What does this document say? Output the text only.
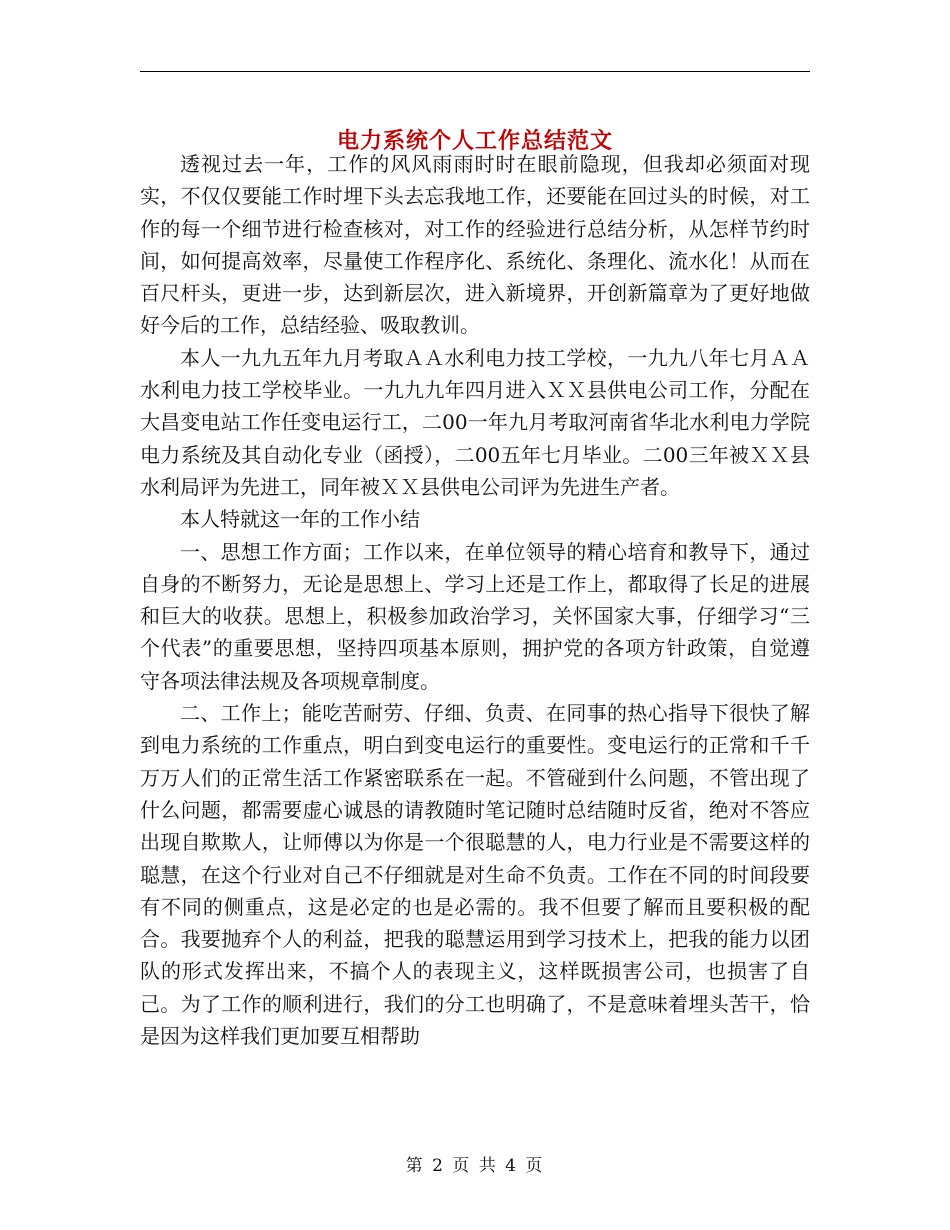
电力系统个人工作总结范文

透视过去一年，工作的风风雨雨时时在眼前隐现，但我却必须面对现实，不仅仅要能工作时埋下头去忘我地工作，还要能在回过头的时候，对工作的每一个细节进行检查核对，对工作的经验进行总结分析，从怎样节约时间，如何提高效率，尽量使工作程序化、系统化、条理化、流水化！从而在百尺杆头，更进一步，达到新层次，进入新境界，开创新篇章为了更好地做好今后的工作，总结经验、吸取教训。

本人一九九五年九月考取ＡＡ水利电力技工学校，一九九八年七月ＡＡ水利电力技工学校毕业。一九九九年四月进入ＸＸ县供电公司工作，分配在大昌变电站工作任变电运行工，二00一年九月考取河南省华北水利电力学院电力系统及其自动化专业（函授），二00五年七月毕业。二00三年被ＸＸ县水利局评为先进工，同年被ＸＸ县供电公司评为先进生产者。

本人特就这一年的工作小结

一、思想工作方面；工作以来，在单位领导的精心培育和教导下，通过自身的不断努力，无论是思想上、学习上还是工作上，都取得了长足的进展和巨大的收获。思想上，积极参加政治学习，关怀国家大事，仔细学习“三个代表”的重要思想，坚持四项基本原则，拥护党的各项方针政策，自觉遵守各项法律法规及各项规章制度。

二、工作上；能吃苦耐劳、仔细、负责、在同事的热心指导下很快了解到电力系统的工作重点，明白到变电运行的重要性。变电运行的正常和千千万万人们的正常生活工作紧密联系在一起。不管碰到什么问题，不管出现了什么问题，都需要虚心诚恳的请教随时笔记随时总结随时反省，绝对不答应出现自欺欺人，让师傅以为你是一个很聪慧的人，电力行业是不需要这样的聪慧，在这个行业对自己不仔细就是对生命不负责。工作在不同的时间段要有不同的侧重点，这是必定的也是必需的。我不但要了解而且要积极的配合。我要抛弃个人的利益，把我的聪慧运用到学习技术上，把我的能力以团队的形式发挥出来，不搞个人的表现主义，这样既损害公司，也损害了自己。为了工作的顺利进行，我们的分工也明确了，不是意味着埋头苦干，恰是因为这样我们更加要互相帮助

第 2 页 共 4 页
